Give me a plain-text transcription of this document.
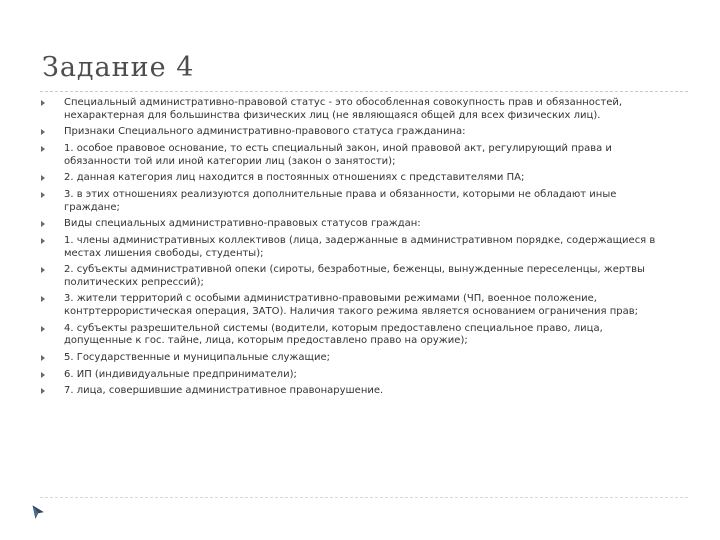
Задание 4
Специальный административно-правовой статус - это обособленная совокупность прав и обязанностей, нехарактерная для большинства физических лиц (не являющаяся общей для всех физических лиц).
Признаки Специального административно-правового статуса гражданина:
1. особое правовое основание, то есть специальный закон, иной правовой акт, регулирующий права и обязанности той или иной категории лиц (закон о занятости);
2. данная категория лиц находится в постоянных отношениях с представителями ПА;
3. в этих отношениях реализуются дополнительные права и обязанности, которыми не обладают иные граждане;
Виды специальных административно-правовых статусов граждан:
1. члены административных коллективов (лица, задержанные в административном порядке, содержащиеся в местах лишения свободы, студенты);
2. субъекты административной опеки (сироты, безработные, беженцы, вынужденные переселенцы, жертвы политических репрессий);
3. жители территорий с особыми административно-правовыми режимами (ЧП, военное положение, контртеррористическая операция, ЗАТО). Наличия такого режима является основанием ограничения прав;
4. субъекты разрешительной системы (водители, которым предоставлено специальное право, лица, допущенные к гос. тайне, лица, которым предоставлено право на оружие);
5. Государственные и муниципальные служащие;
6. ИП (индивидуальные предприниматели);
7. лица, совершившие административное правонарушение.
